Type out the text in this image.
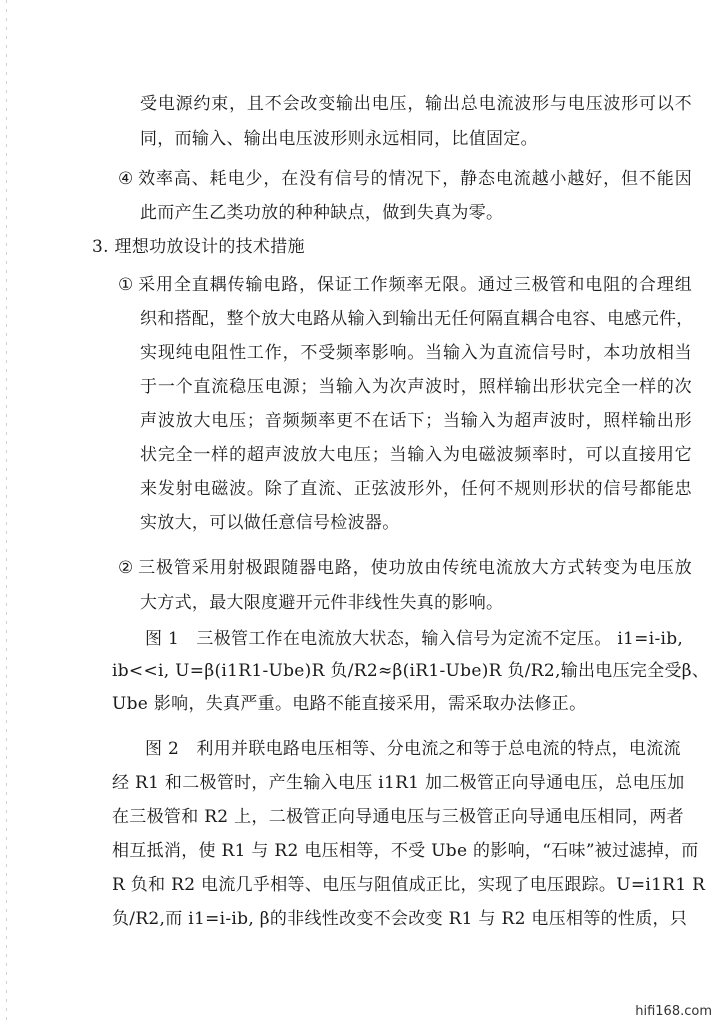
受电源约束，且不会改变输出电压，输出总电流波形与电压波形可以不
同，而输入、输出电压波形则永远相同，比值固定。
④ 效率高、耗电少，在没有信号的情况下，静态电流越小越好，但不能因
此而产生乙类功放的种种缺点，做到失真为零。
3. 理想功放设计的技术措施
① 采用全直耦传输电路，保证工作频率无限。通过三极管和电阻的合理组
织和搭配，整个放大电路从输入到输出无任何隔直耦合电容、电感元件，
实现纯电阻性工作，不受频率影响。当输入为直流信号时，本功放相当
于一个直流稳压电源；当输入为次声波时，照样输出形状完全一样的次
声波放大电压；音频频率更不在话下；当输入为超声波时，照样输出形
状完全一样的超声波放大电压；当输入为电磁波频率时，可以直接用它
来发射电磁波。除了直流、正弦波形外，任何不规则形状的信号都能忠
实放大，可以做任意信号检波器。
② 三极管采用射极跟随器电路，使功放由传统电流放大方式转变为电压放
大方式，最大限度避开元件非线性失真的影响。
图 1　三极管工作在电流放大状态，输入信号为定流不定压。 i1=i-ib,
ib<<i, U=β(i1R1-Ube)R 负/R2≈β(iR1-Ube)R 负/R2,输出电压完全受β、
Ube 影响，失真严重。电路不能直接采用，需采取办法修正。
图 2　利用并联电路电压相等、分电流之和等于总电流的特点，电流流
经 R1 和二极管时，产生输入电压 i1R1 加二极管正向导通电压，总电压加
在三极管和 R2 上，二极管正向导通电压与三极管正向导通电压相同，两者
相互抵消，使 R1 与 R2 电压相等，不受 Ube 的影响，“石味”被过滤掉，而
R 负和 R2 电流几乎相等、电压与阻值成正比，实现了电压跟踪。U=i1R1 R
负/R2,而 i1=i-ib, β的非线性改变不会改变 R1 与 R2 电压相等的性质，只
hifi168.com
